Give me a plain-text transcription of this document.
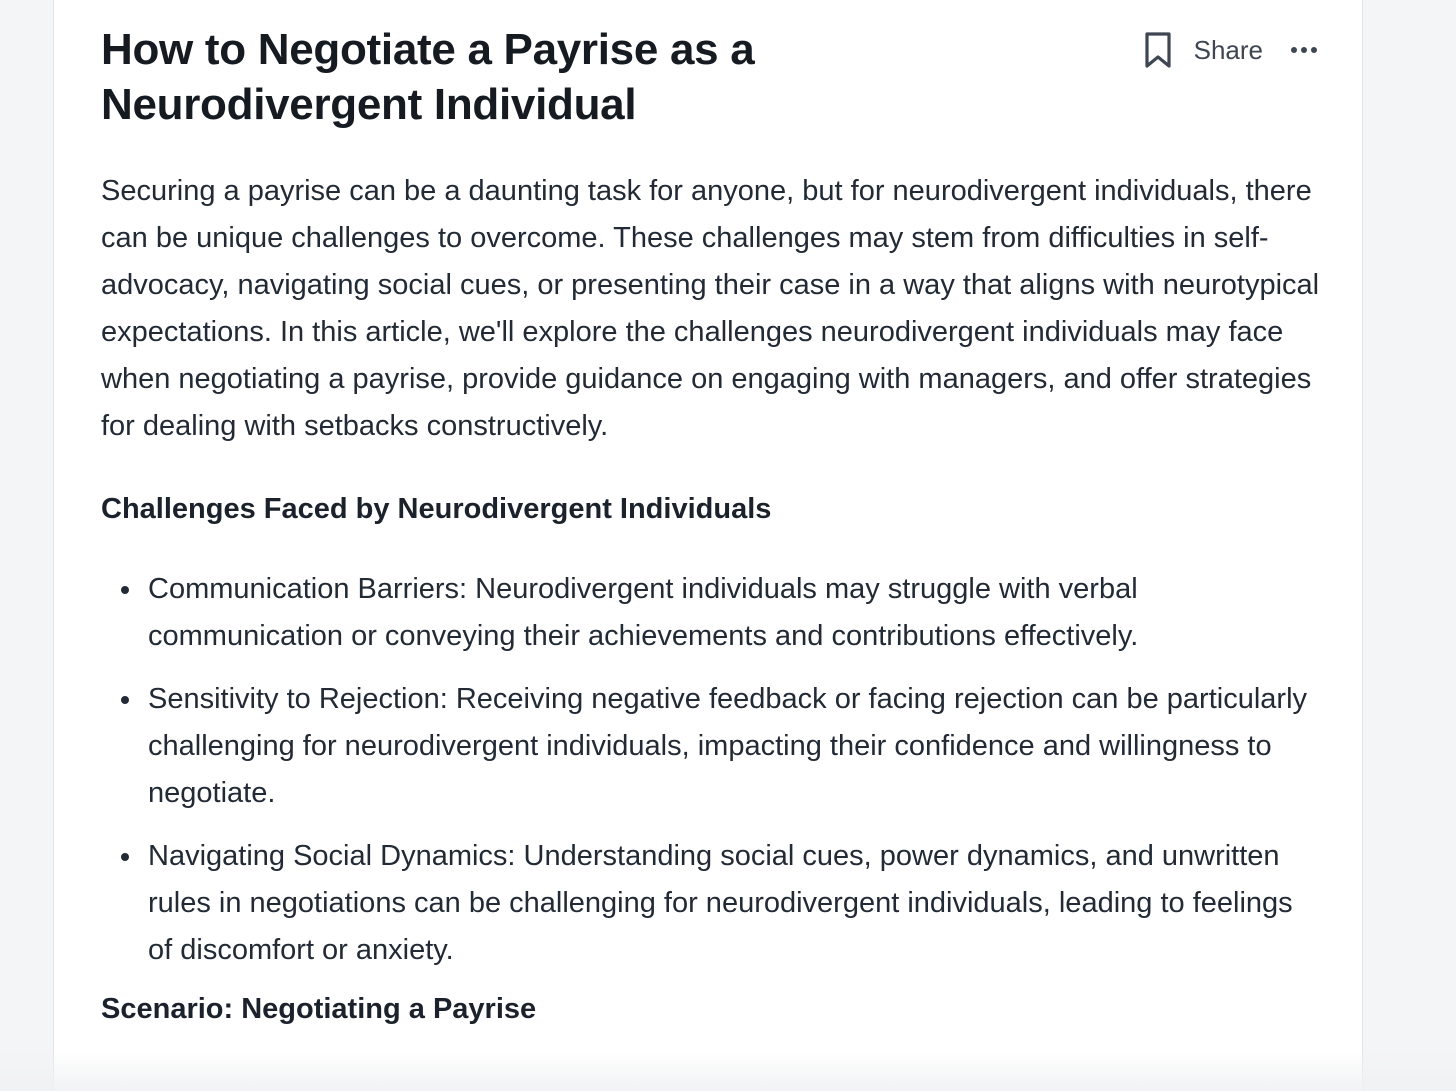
How to Negotiate a Payrise as a Neurodivergent Individual
Share

Securing a payrise can be a daunting task for anyone, but for neurodivergent individuals, there can be unique challenges to overcome. These challenges may stem from difficulties in self-advocacy, navigating social cues, or presenting their case in a way that aligns with neurotypical expectations. In this article, we'll explore the challenges neurodivergent individuals may face when negotiating a payrise, provide guidance on engaging with managers, and offer strategies for dealing with setbacks constructively.

Challenges Faced by Neurodivergent Individuals
Communication Barriers: Neurodivergent individuals may struggle with verbal communication or conveying their achievements and contributions effectively.
Sensitivity to Rejection: Receiving negative feedback or facing rejection can be particularly challenging for neurodivergent individuals, impacting their confidence and willingness to negotiate.
Navigating Social Dynamics: Understanding social cues, power dynamics, and unwritten rules in negotiations can be challenging for neurodivergent individuals, leading to feelings of discomfort or anxiety.
Scenario: Negotiating a Payrise
